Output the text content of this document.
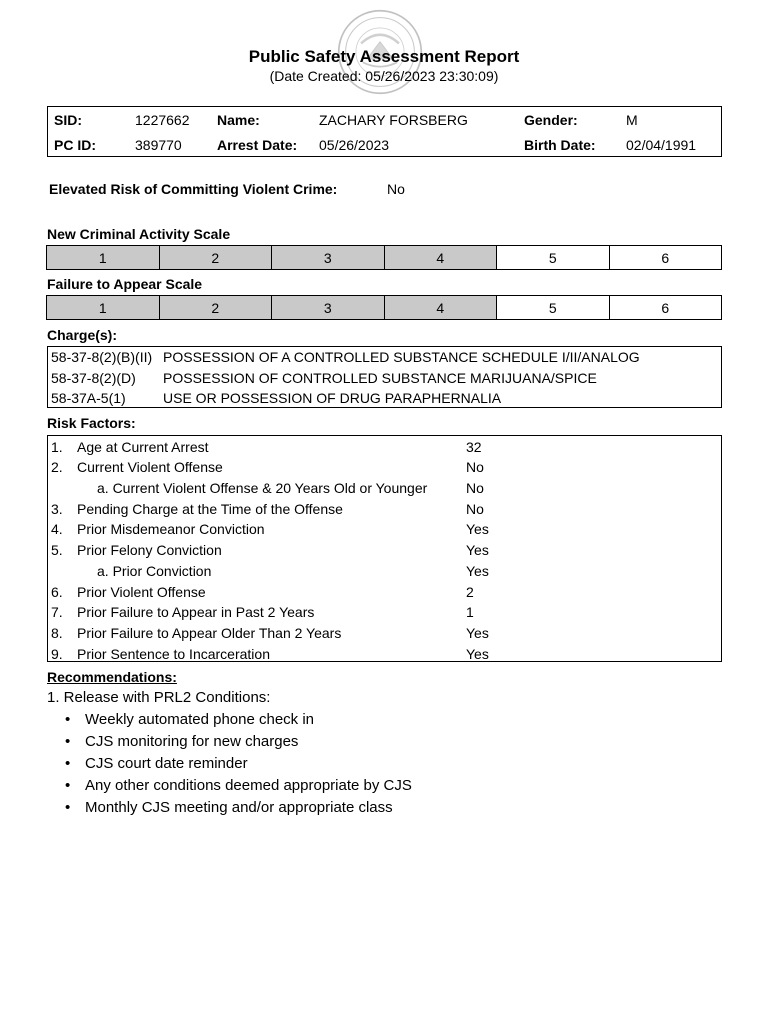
Public Safety Assessment Report
(Date Created: 05/26/2023 23:30:09)
SID:	1227662 Name:	ZACHARY FORSBERG	Gender:	M
PC ID:	389770	Arrest Date: 05/26/2023	Birth Date: 02/04/1991
Elevated Risk of Committing Violent Crime:	No
New Criminal Activity Scale
1	2	3	4	5	6
Failure to Appear Scale
1	2	3	4	5	6
Charge(s):
58-37-8(2)(B)(II) POSSESSION OF A CONTROLLED SUBSTANCE SCHEDULE I/II/ANALOG
58-37-8(2)(D) POSSESSION OF CONTROLLED SUBSTANCE MARIJUANA/SPICE
58-37A-5(1)	USE OR POSSESSION OF DRUG PARAPHERNALIA
Risk Factors:
1. Age at Current Arrest	32
2. Current Violent Offense	No
a. Current Violent Offense & 20 Years Old or Younger	No
3. Pending Charge at the Time of the Offense	No
4. Prior Misdemeanor Conviction	Yes
5. Prior Felony Conviction	Yes
a. Prior Conviction	Yes
6. Prior Violent Offense	2
7. Prior Failure to Appear in Past 2 Years	1
8. Prior Failure to Appear Older Than 2 Years	Yes
9. Prior Sentence to Incarceration	Yes
Recommendations:
1. Release with PRL2 Conditions:
• Weekly automated phone check in
• CJS monitoring for new charges
• CJS court date reminder
• Any other conditions deemed appropriate by CJS
• Monthly CJS meeting and/or appropriate class
